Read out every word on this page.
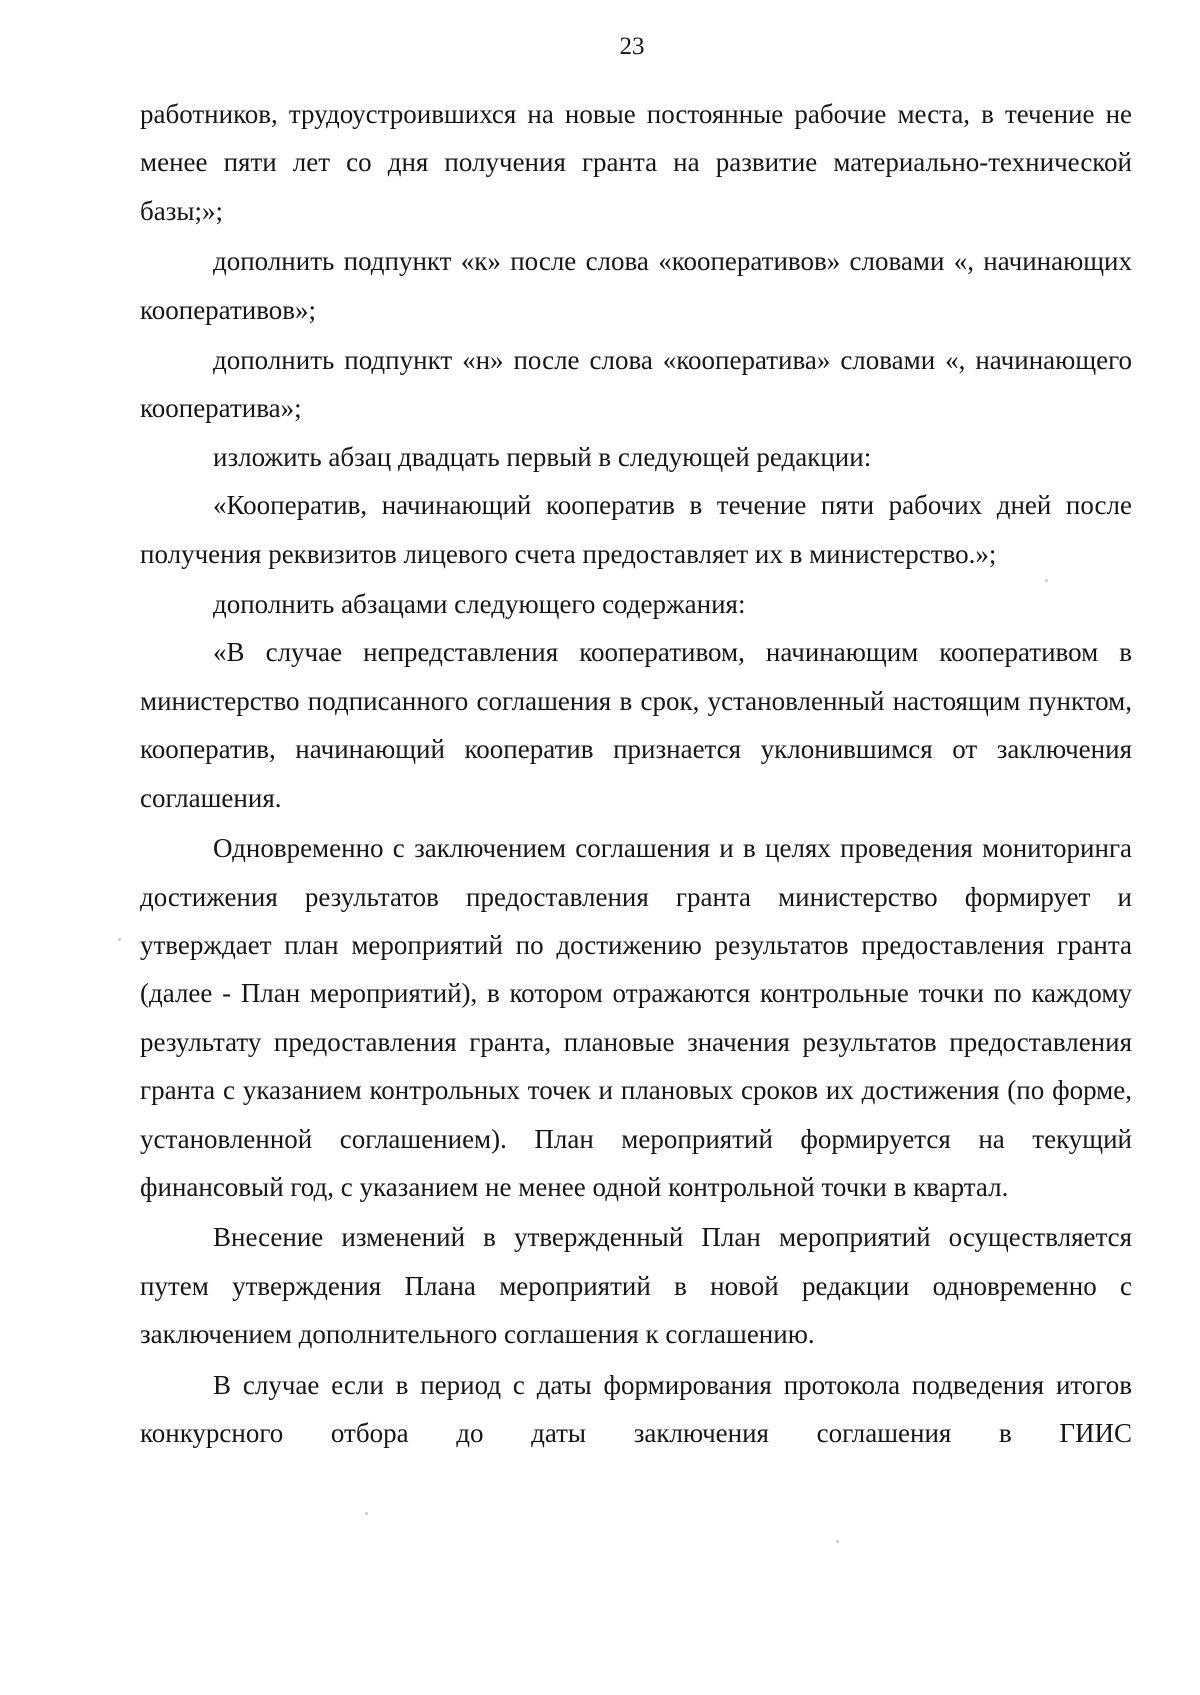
23

работников, трудоустроившихся на новые постоянные рабочие места, в течение не менее пяти лет со дня получения гранта на развитие материально-технической базы;»;

дополнить подпункт «к» после слова «кооперативов» словами «, начинающих кооперативов»;

дополнить подпункт «н» после слова «кооператива» словами «, начинающего кооператива»;

изложить абзац двадцать первый в следующей редакции:

«Кооператив, начинающий кооператив в течение пяти рабочих дней после получения реквизитов лицевого счета предоставляет их в министерство.»;

дополнить абзацами следующего содержания:

«В случае непредставления кооперативом, начинающим кооперативом в министерство подписанного соглашения в срок, установленный настоящим пунктом, кооператив, начинающий кооператив признается уклонившимся от заключения соглашения.

Одновременно с заключением соглашения и в целях проведения мониторинга достижения результатов предоставления гранта министерство формирует и утверждает план мероприятий по достижению результатов предоставления гранта (далее - План мероприятий), в котором отражаются контрольные точки по каждому результату предоставления гранта, плановые значения результатов предоставления гранта с указанием контрольных точек и плановых сроков их достижения (по форме, установленной соглашением). План мероприятий формируется на текущий финансовый год, с указанием не менее одной контрольной точки в квартал.

Внесение изменений в утвержденный План мероприятий осуществляется путем утверждения Плана мероприятий в новой редакции одновременно с заключением дополнительного соглашения к соглашению.

В случае если в период с даты формирования протокола подведения итогов конкурсного отбора до даты заключения соглашения в ГИИС
